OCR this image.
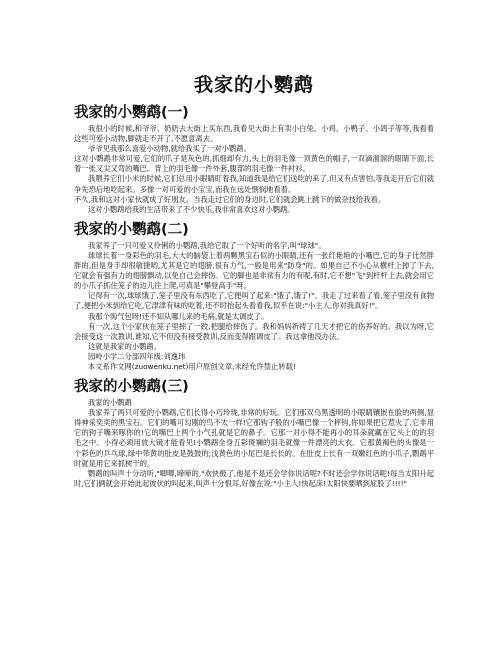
我家的小鹦鹉
我家的小鹦鹉(一)

我很小的时候,和爷爷、奶奶去大街上买东西,我看见大街上有卖小白兔、小鸡、小鸭子、小鸽子等等,我看着这些可爱小动物,脚就走不开了,不愿意离去。

爷爷见我那么喜爱小动物,就给我买了一对小鹦鹉。

这对小鹦鹉非常可爱,它们的爪子是灰色的,抓细却有力,头上的羽毛像一顶黄色的帽子,一双滴溜溜的眼睛下面,长着一张又尖又弯的嘴巴。背上的羽毛像一件外套,腹部的羽毛像一件衬衫。

我喂养它们小米的时候,它们总用小眼睛盯着我,知道我是给它们送吃的来了,但又有点害怕,等我走开后它们就争先恐后地吃起来。多像一对可爱的小宝宝,而我在远处惬悯地看着。

不久,我和这对小家伙就成了好朋友。当我走过它们的身边时,它们就会跳上跳下的做杂技给我看。

这对小鹦鹉给我的生活带来了不少快乐,我非常喜欢这对小鹦鹉。

我家的小鹦鹉(二)

我家养了一只可爱又伶俐的小鹦鹉,我给它取了一个好听的名字,叫"球球"。

球球长着一身彩色的羽毛,大大的脑袋上着两颗黑宝石似的小眼睛,还有一张红艳艳的小嘴巴,它的身子比然胖胖的,但是身手却很敏捷哟,尤其是它的翅膀,很有力气,一般是用来"防身"的。如果自己不小心从横杆上掉了下去,它就会有强有力的翅膀飘动,以免自己会摔伤。它的脚也是非常有力的有呢,有时,它不想"飞"到杆杆上去,就会用它的小爪子抓住笼子的边儿往上爬,可真是"攀登高手"呀。

记得有一次,球球饿了,笼子里没有东西吃了,它便叫了起来:"饿了,饿了!"。我走了过来看了看,笼子里没有食物了,便把小米到给它吃,它津津有味的吃着,还不时抬起头看看我,似乎在说:"小主人,你对我真好!"。

我那个淘气包呀!还不知从哪儿来的毛病,就是太调皮了。

有一次,这个小家伙在笼子里摔了一跤,把腿给摔伤了。我和妈妈祈祷了几天才把它的伤养好的。我以为呀,它会接受这一次教训,谁知,它不但没有接受教训,反而变得跟调皮了。我这拿他没办法。

这就是我家的小鹦鹉。

园岭小学二分部四年级:刘逸玮

本文系作文网(zuowenku.net)用户原创文章,未经允许禁止转载!

我家的小鹦鹉(三)

我家的小鹦鹉

我家养了两只可爱的小鹦鹉,它们长得小巧玲珑,非常的好玩。它们那双乌黑透明的小眼睛镶嵌在脸的两侧,显得神采奕奕的黑宝石。它们的嘴可勾刚的鸟不太一样!它那钩子般的小嘴巴像一个秤钩,你如果把它惹火了,它非用它的钩子嘴来啄你的!它的嘴巴上两个小气孔就是它的鼻子。它那一对小得不能再小的耳朵就藏在它头上的的羽毛之中。小得必须用放大镜才能看见!小鹦鹉全身五彩斑斓的羽毛就像一件漂亮的大衣。它那黄褐色的头像是一个彩色的乒乓球,绿中带黄的肚皮是鼓鼓的;浅黄色的小尾巴是长长的。在肚皮上长有一双嫩红色的小爪子,鹦鹉平时就是用它来抓树干的。

鹦鹉的叫声十分动听,"唧唧,啼啼的,"欢快极了,他是不是还会学你说话呢?不时还会学你说话呢!每当太阳升起时,它们俩就会开始此起彼伏的叫起来,叫声十分恨耳,好像在说:"小主人!快起床!太阳快要晒到屁股了!!!!"
